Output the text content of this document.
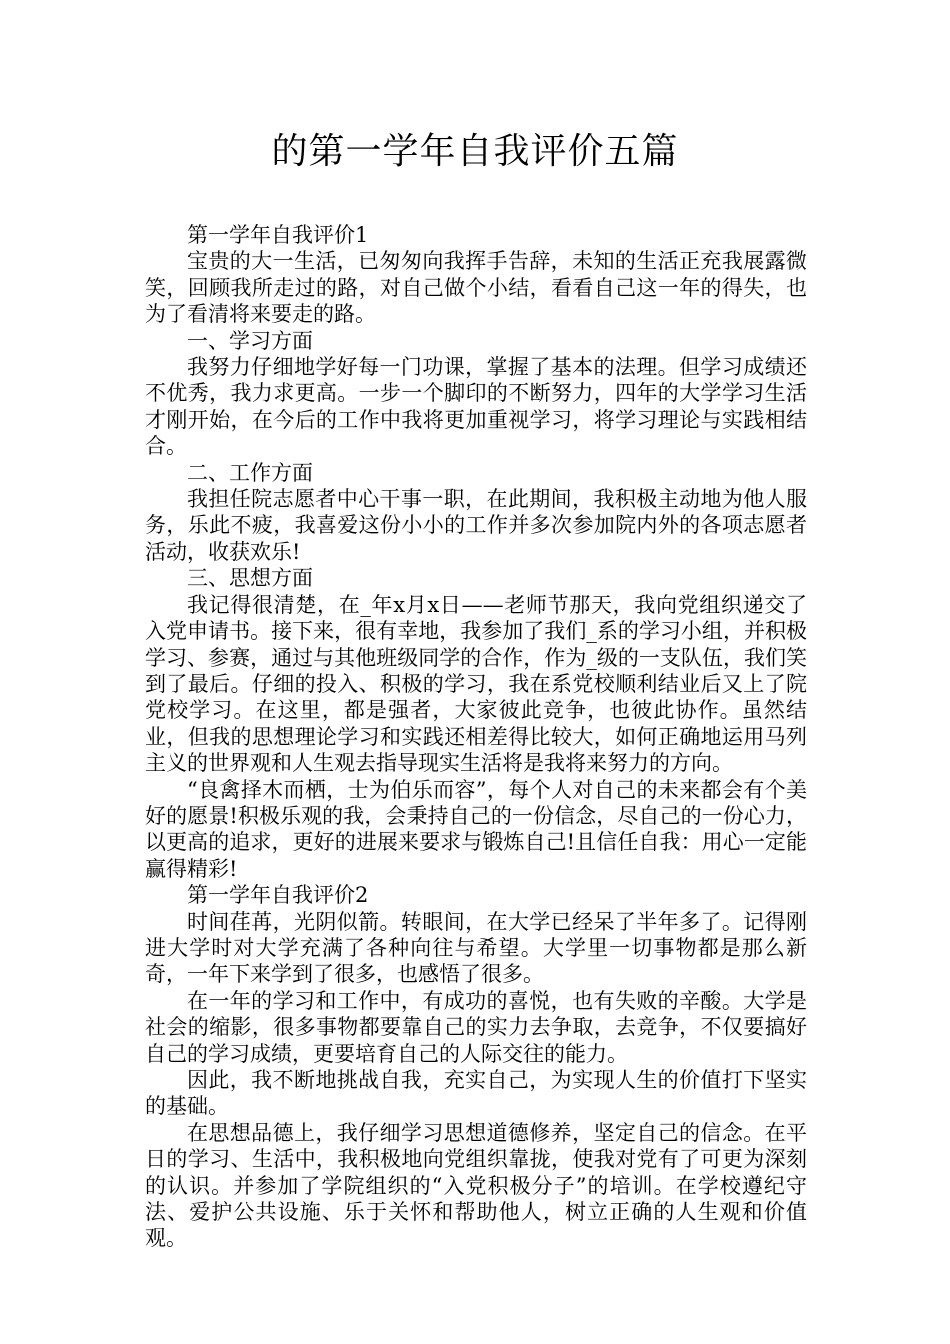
的第一学年自我评价五篇

第一学年自我评价1

宝贵的大一生活，已匆匆向我挥手告辞，未知的生活正充我展露微笑，回顾我所走过的路，对自己做个小结，看看自己这一年的得失，也为了看清将来要走的路。

一、学习方面

我努力仔细地学好每一门功课，掌握了基本的法理。但学习成绩还不优秀，我力求更高。一步一个脚印的不断努力，四年的大学学习生活才刚开始，在今后的工作中我将更加重视学习，将学习理论与实践相结合。

二、工作方面

我担任院志愿者中心干事一职，在此期间，我积极主动地为他人服务，乐此不疲，我喜爱这份小小的工作并多次参加院内外的各项志愿者活动，收获欢乐!

三、思想方面

我记得很清楚，在_年x月x日——老师节那天，我向党组织递交了入党申请书。接下来，很有幸地，我参加了我们_系的学习小组，并积极学习、参赛，通过与其他班级同学的合作，作为_级的一支队伍，我们笑到了最后。仔细的投入、积极的学习，我在系党校顺利结业后又上了院党校学习。在这里，都是强者，大家彼此竞争，也彼此协作。虽然结业，但我的思想理论学习和实践还相差得比较大，如何正确地运用马列主义的世界观和人生观去指导现实生活将是我将来努力的方向。

“良禽择木而栖，士为伯乐而容”，每个人对自己的未来都会有个美好的愿景!积极乐观的我，会秉持自己的一份信念，尽自己的一份心力，以更高的追求，更好的进展来要求与锻炼自己!且信任自我：用心一定能赢得精彩!

第一学年自我评价2

时间荏苒，光阴似箭。转眼间，在大学已经呆了半年多了。记得刚进大学时对大学充满了各种向往与希望。大学里一切事物都是那么新奇，一年下来学到了很多，也感悟了很多。

在一年的学习和工作中，有成功的喜悦，也有失败的辛酸。大学是社会的缩影，很多事物都要靠自己的实力去争取，去竞争，不仅要搞好自己的学习成绩，更要培育自己的人际交往的能力。

因此，我不断地挑战自我，充实自己，为实现人生的价值打下坚实的基础。

在思想品德上，我仔细学习思想道德修养，坚定自己的信念。在平日的学习、生活中，我积极地向党组织靠拢，使我对党有了可更为深刻的认识。并参加了学院组织的“入党积极分子”的培训。在学校遵纪守法、爱护公共设施、乐于关怀和帮助他人，树立正确的人生观和价值观。
